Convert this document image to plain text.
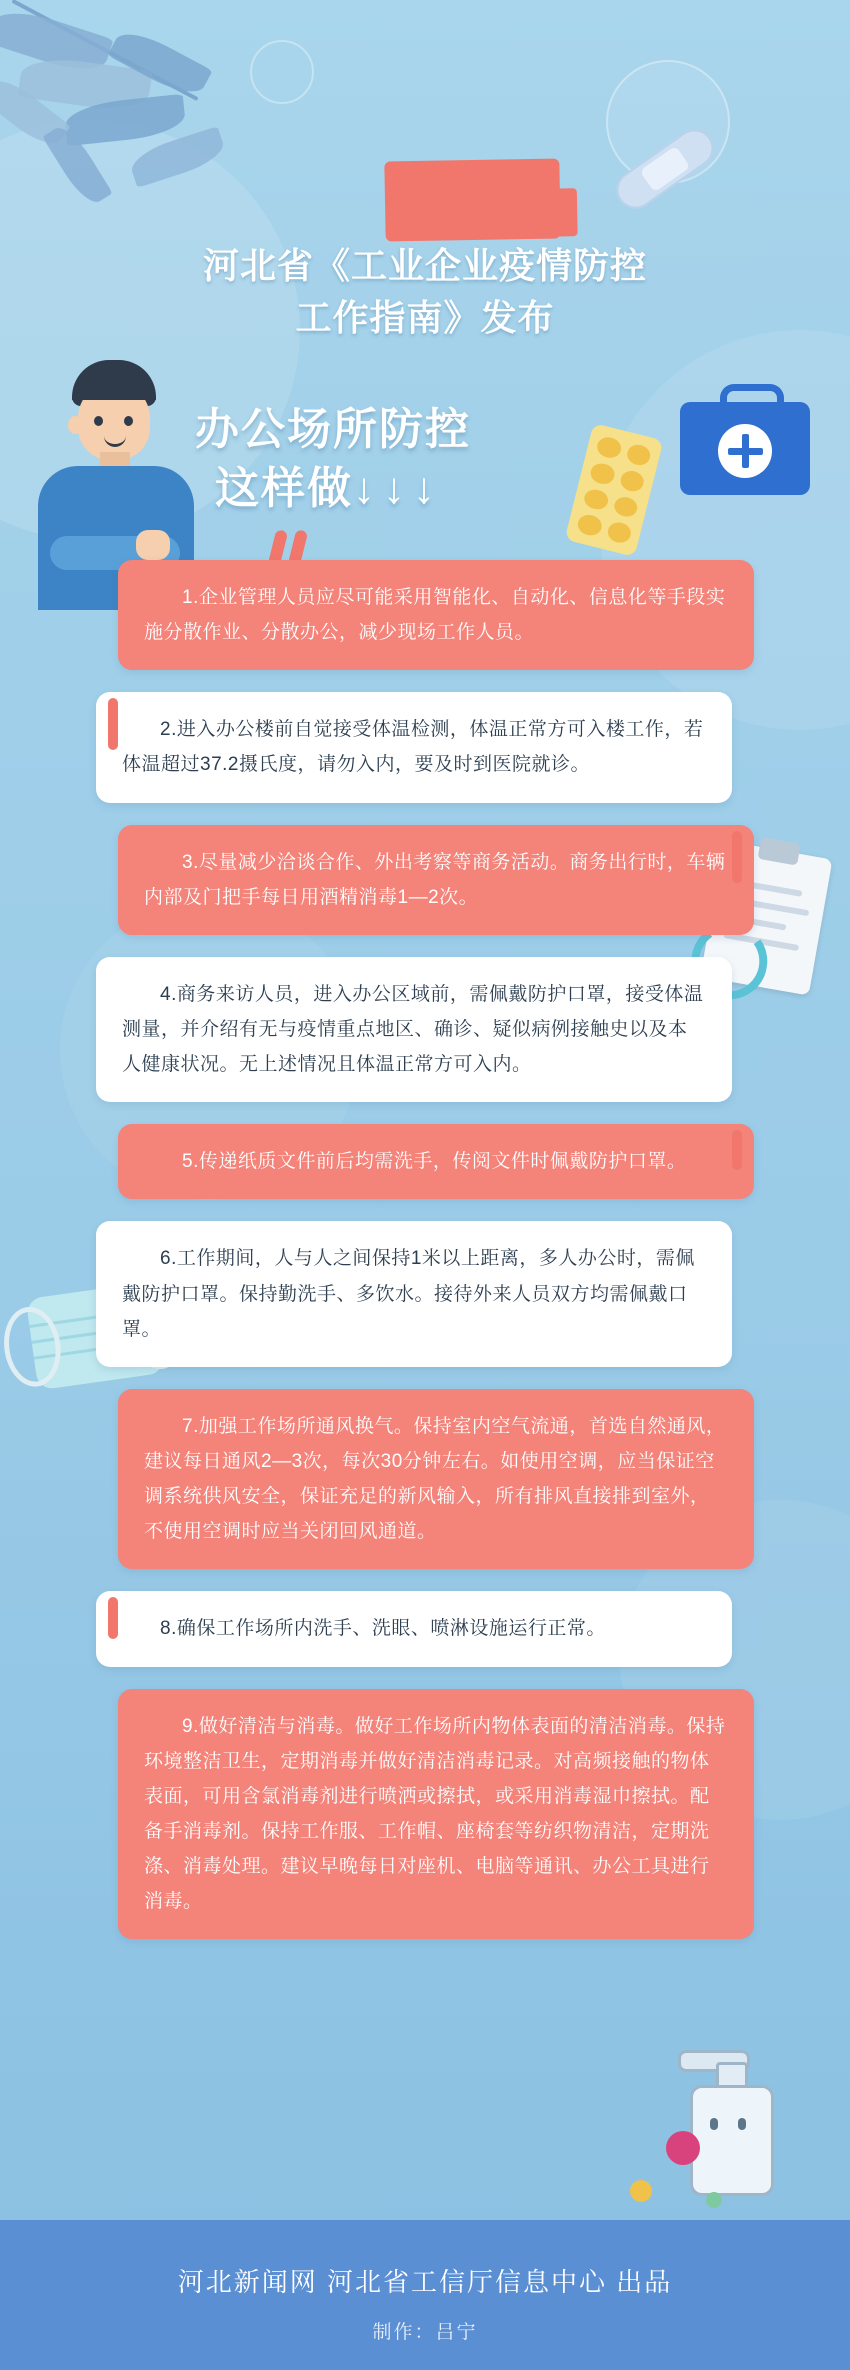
河北省《工业企业疫情防控
工作指南》发布
办公场所防控
这样做↓↓↓

1.企业管理人员应尽可能采用智能化、自动化、信息化等手段实施分散作业、分散办公，减少现场工作人员。

2.进入办公楼前自觉接受体温检测，体温正常方可入楼工作，若体温超过37.2摄氏度，请勿入内，要及时到医院就诊。

3.尽量减少洽谈合作、外出考察等商务活动。商务出行时，车辆内部及门把手每日用酒精消毒1—2次。

4.商务来访人员，进入办公区域前，需佩戴防护口罩，接受体温测量，并介绍有无与疫情重点地区、确诊、疑似病例接触史以及本人健康状况。无上述情况且体温正常方可入内。

5.传递纸质文件前后均需洗手，传阅文件时佩戴防护口罩。

6.工作期间，人与人之间保持1米以上距离，多人办公时，需佩戴防护口罩。保持勤洗手、多饮水。接待外来人员双方均需佩戴口罩。

7.加强工作场所通风换气。保持室内空气流通，首选自然通风，建议每日通风2—3次，每次30分钟左右。如使用空调，应当保证空调系统供风安全，保证充足的新风输入，所有排风直接排到室外，不使用空调时应当关闭回风通道。

8.确保工作场所内洗手、洗眼、喷淋设施运行正常。

9.做好清洁与消毒。做好工作场所内物体表面的清洁消毒。保持环境整洁卫生，定期消毒并做好清洁消毒记录。对高频接触的物体表面，可用含氯消毒剂进行喷洒或擦拭，或采用消毒湿巾擦拭。配备手消毒剂。保持工作服、工作帽、座椅套等纺织物清洁，定期洗涤、消毒处理。建议早晚每日对座机、电脑等通讯、办公工具进行消毒。

河北新闻网 河北省工信厅信息中心 出品
制作：吕宁
